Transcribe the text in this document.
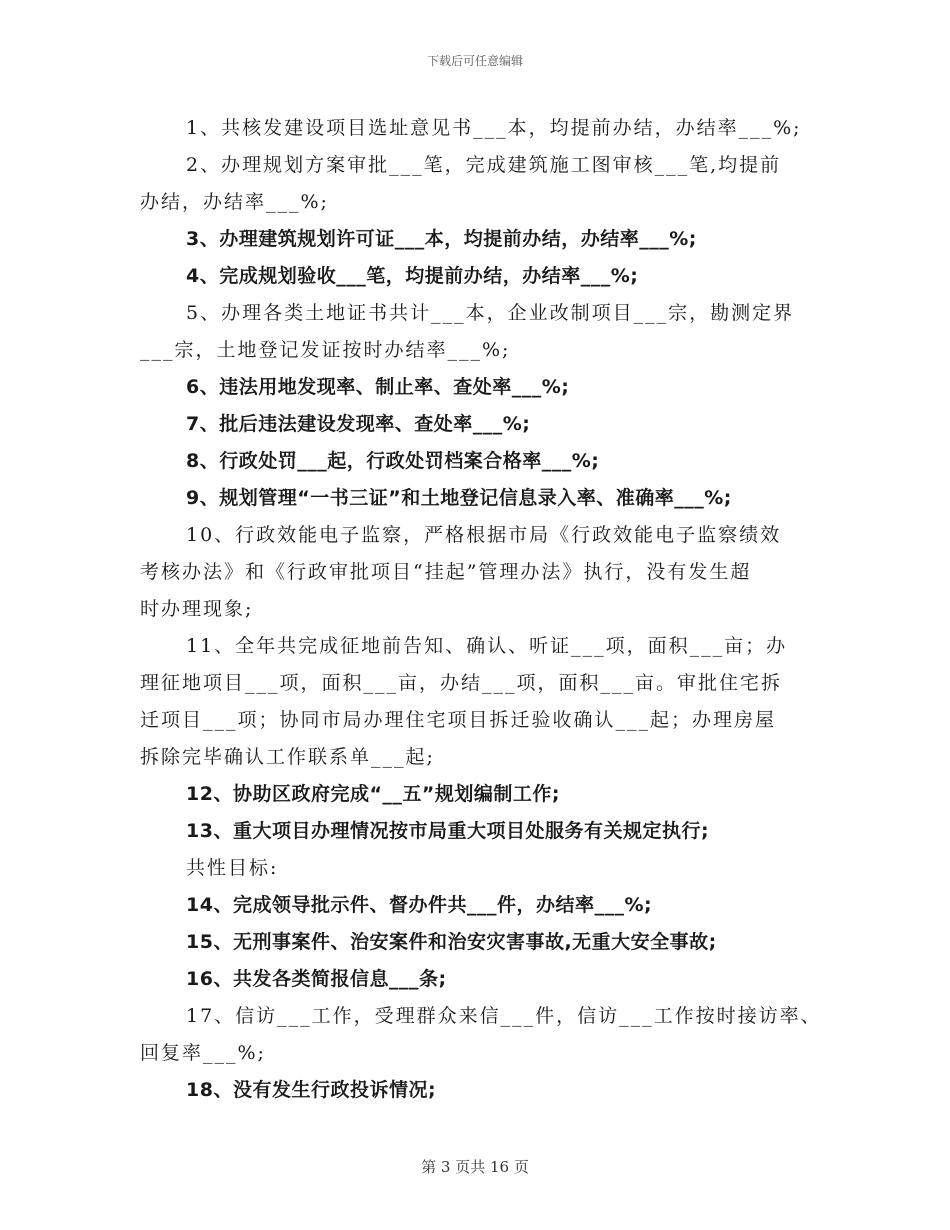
下载后可任意编辑
1、共核发建设项目选址意见书___本，均提前办结，办结率___%;
2、办理规划方案审批___笔，完成建筑施工图审核___笔,均提前
办结，办结率___%;
3、办理建筑规划许可证___本，均提前办结，办结率___%;
4、完成规划验收___笔，均提前办结，办结率___%;
5、办理各类土地证书共计___本，企业改制项目___宗，勘测定界
___宗，土地登记发证按时办结率___%;
6、违法用地发现率、制止率、查处率___%;
7、批后违法建设发现率、查处率___%;
8、行政处罚___起，行政处罚档案合格率___%;
9、规划管理“一书三证”和土地登记信息录入率、准确率___%;
10、行政效能电子监察，严格根据市局《行政效能电子监察绩效
考核办法》和《行政审批项目“挂起”管理办法》执行，没有发生超
时办理现象;
11、全年共完成征地前告知、确认、听证___项，面积___亩；办
理征地项目___项，面积___亩，办结___项，面积___亩。审批住宅拆
迁项目___项；协同市局办理住宅项目拆迁验收确认___起；办理房屋
拆除完毕确认工作联系单___起;
12、协助区政府完成“__五”规划编制工作;
13、重大项目办理情况按市局重大项目处服务有关规定执行;
共性目标:
14、完成领导批示件、督办件共___件，办结率___%;
15、无刑事案件、治安案件和治安灾害事故,无重大安全事故;
16、共发各类简报信息___条;
17、信访___工作，受理群众来信___件，信访___工作按时接访率、
回复率___%;
18、没有发生行政投诉情况;
第 3 页共 16 页
